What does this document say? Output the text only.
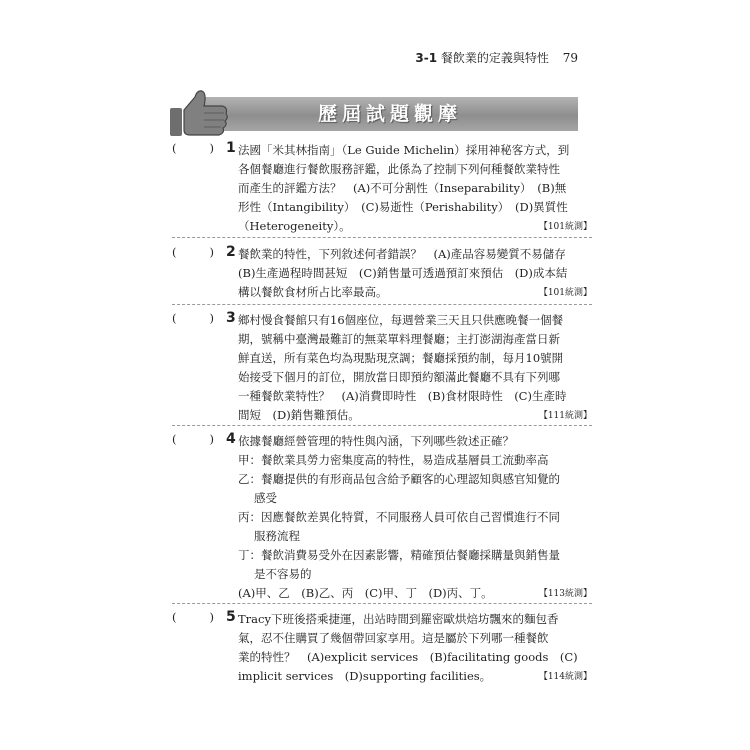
3-1 餐飲業的定義與特性 79
歷屆試題觀摩
(	) 1 法國「米其林指南」（Le Guide Michelin）採用神秘客方式，到
各個餐廳進行餐飲服務評鑑，此係為了控制下列何種餐飲業特性
而產生的評鑑方法？　(A)不可分割性（Inseparability）　(B)無
形性（Intangibility）　(C)易逝性（Perishability）　(D)異質性
（Heterogeneity）。	【101統測】
(	) 2 餐飲業的特性，下列敘述何者錯誤？　(A)產品容易變質不易儲存
(B)生產過程時間甚短　(C)銷售量可透過預訂來預估　(D)成本結
構以餐飲食材所占比率最高。	【101統測】
(	) 3 鄉村慢食餐館只有16個座位，每週營業三天且只供應晚餐一個餐
期，號稱中臺灣最難訂的無菜單料理餐廳；主打澎湖海產當日新
鮮直送，所有菜色均為現點現烹調；餐廳採預約制，每月10號開
始接受下個月的訂位，開放當日即預約額滿此餐廳不具有下列哪
一種餐飲業特性？　(A)消費即時性　(B)食材限時性　(C)生產時
間短　(D)銷售難預估。	【111統測】
(	) 4 依據餐廳經營管理的特性與內涵，下列哪些敘述正確？
甲：餐飲業具勞力密集度高的特性，易造成基層員工流動率高
乙：餐廳提供的有形商品包含給予顧客的心理認知與感官知覺的
感受
丙：因應餐飲差異化特質，不同服務人員可依自己習慣進行不同
服務流程
丁：餐飲消費易受外在因素影響，精確預估餐廳採購量與銷售量
是不容易的
(A)甲、乙　(B)乙、丙　(C)甲、丁　(D)丙、丁。	【113統測】
(	) 5 Tracy下班後搭乘捷運，出站時間到羅密歐烘焙坊飄來的麵包香
氣，忍不住購買了幾個帶回家享用。這是屬於下列哪一種餐飲
業的特性？　(A)explicit services　(B)facilitating goods　(C)
implicit services　(D)supporting facilities。	【114統測】
